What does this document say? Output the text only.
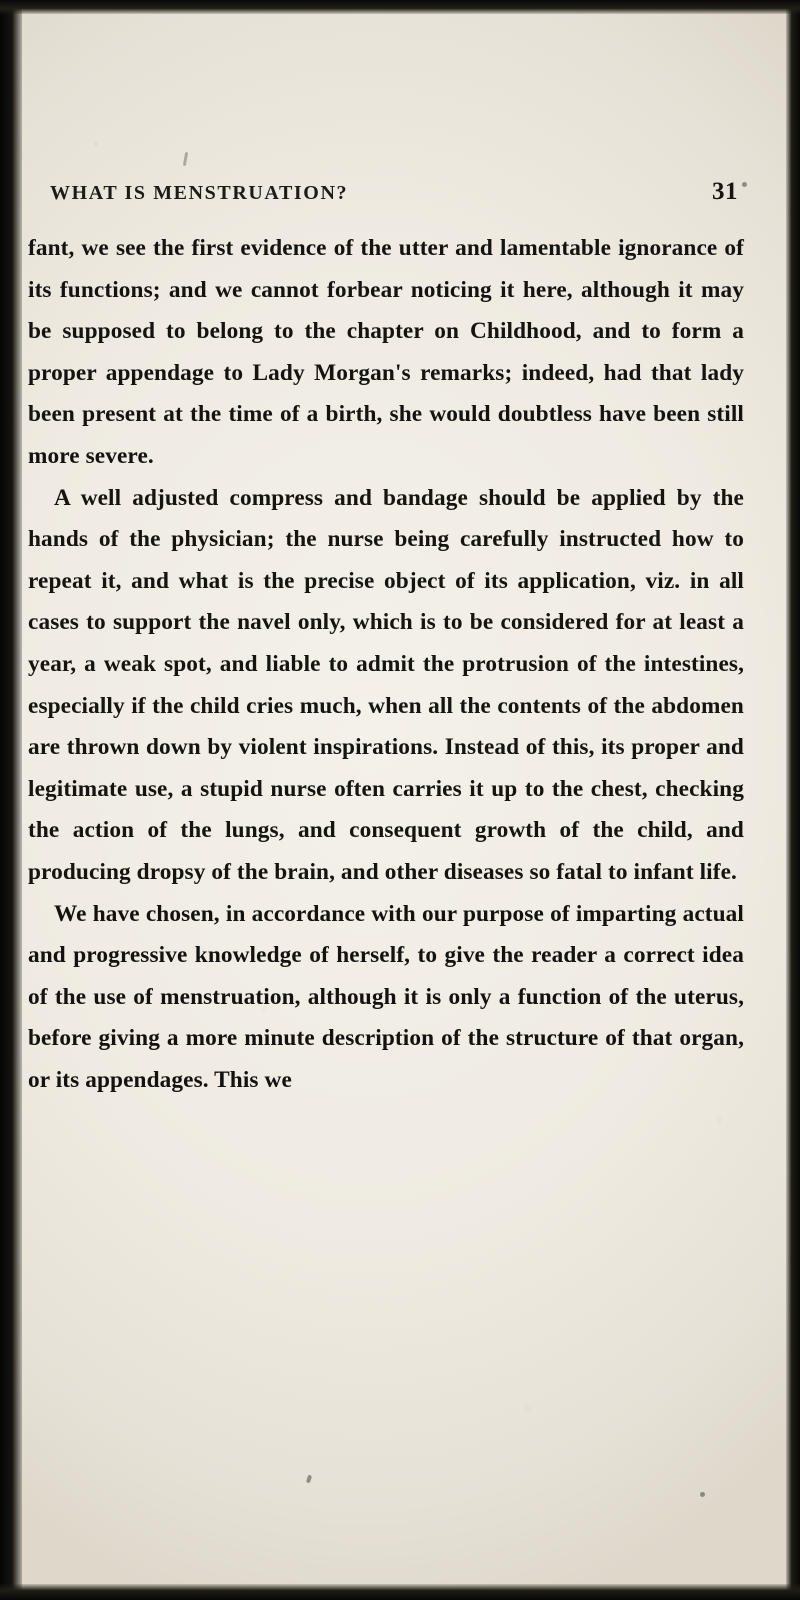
WHAT IS MENSTRUATION?	31

fant, we see the first evidence of the utter and lamentable ignorance of its functions; and we cannot forbear noticing it here, although it may be supposed to belong to the chapter on Childhood, and to form a proper appendage to Lady Morgan's remarks; indeed, had that lady been present at the time of a birth, she would doubtless have been still more severe.

A well adjusted compress and bandage should be applied by the hands of the physician; the nurse being carefully instructed how to repeat it, and what is the precise object of its application, viz. in all cases to support the navel only, which is to be considered for at least a year, a weak spot, and liable to admit the protrusion of the intestines, especially if the child cries much, when all the contents of the abdomen are thrown down by violent inspirations. Instead of this, its proper and legitimate use, a stupid nurse often carries it up to the chest, checking the action of the lungs, and consequent growth of the child, and producing dropsy of the brain, and other diseases so fatal to infant life.

We have chosen, in accordance with our purpose of imparting actual and progressive knowledge of herself, to give the reader a correct idea of the use of menstruation, although it is only a function of the uterus, before giving a more minute description of the structure of that organ, or its appendages. This we
